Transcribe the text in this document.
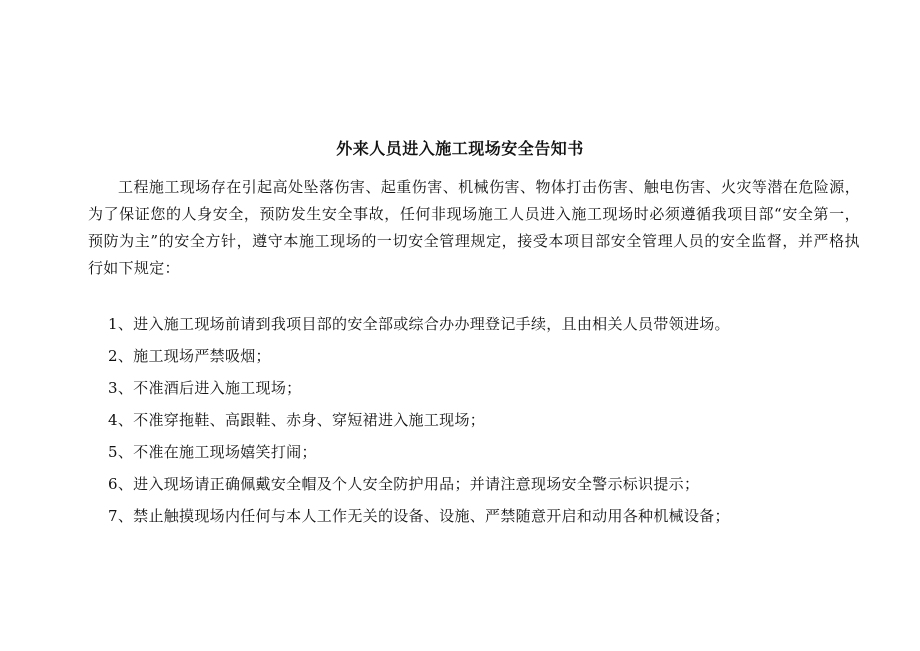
外来人员进入施工现场安全告知书
工程施工现场存在引起高处坠落伤害、起重伤害、机械伤害、物体打击伤害、触电伤害、火灾等潜在危险源，为了保证您的人身安全，预防发生安全事故，任何非现场施工人员进入施工现场时必须遵循我项目部“安全第一，预防为主”的安全方针，遵守本施工现场的一切安全管理规定，接受本项目部安全管理人员的安全监督，并严格执行如下规定：
1、进入施工现场前请到我项目部的安全部或综合办办理登记手续，且由相关人员带领进场。
2、施工现场严禁吸烟；
3、不准酒后进入施工现场；
4、不准穿拖鞋、高跟鞋、赤身、穿短裙进入施工现场；
5、不准在施工现场嬉笑打闹；
6、进入现场请正确佩戴安全帽及个人安全防护用品；并请注意现场安全警示标识提示；
7、禁止触摸现场内任何与本人工作无关的设备、设施、严禁随意开启和动用各种机械设备；
